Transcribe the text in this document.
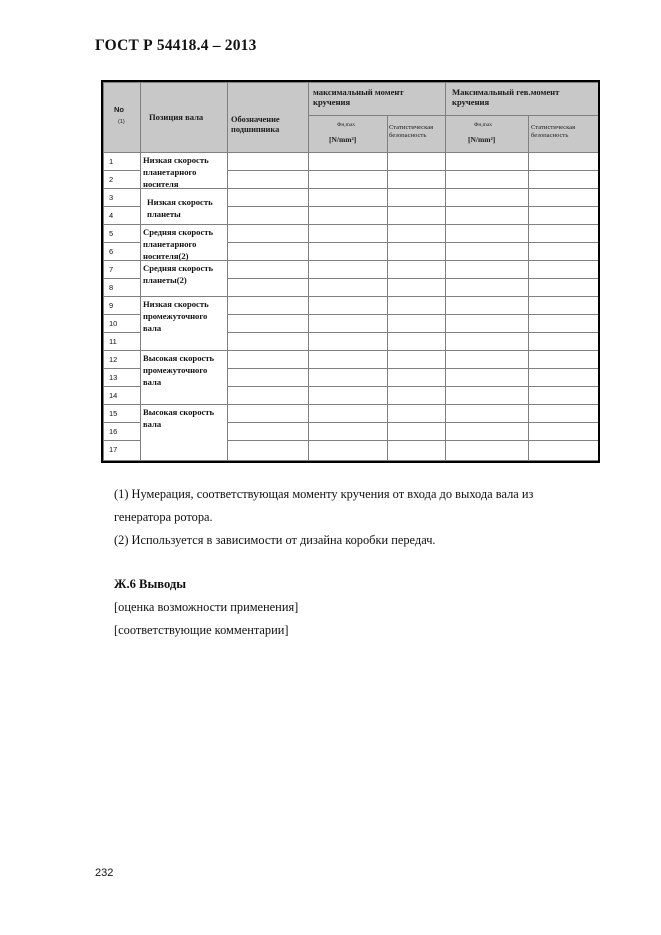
ГОСТ Р 54418.4 – 2013
No
(1)	Позиция вала	Обозначение подшипника
максимальный момент кручения
Максимальный гев.момент кручения
Фн,max
[N/mm²]
Статистическая безопасность
Фн,max
[N/mm²]
Статистическая безопасность
1
2
3
4
5
6
7
8
9
10
11
12
13
14
15
16
17
Низкая скорость
планетарного
носителя
Низкая скорость
планеты
Средняя скорость
планетарного
носителя(2)
Средняя скорость
планеты(2)
Низкая скорость
промежуточного
вала
Высокая скорость
промежуточного
вала
Высокая скорость
вала
(1) Нумерация, соответствующая моменту кручения от входа до выхода вала из
генератора ротора.
(2) Используется в зависимости от дизайна коробки передач.
Ж.6 Выводы
[оценка возможности применения]
[соответствующие комментарии]
232
